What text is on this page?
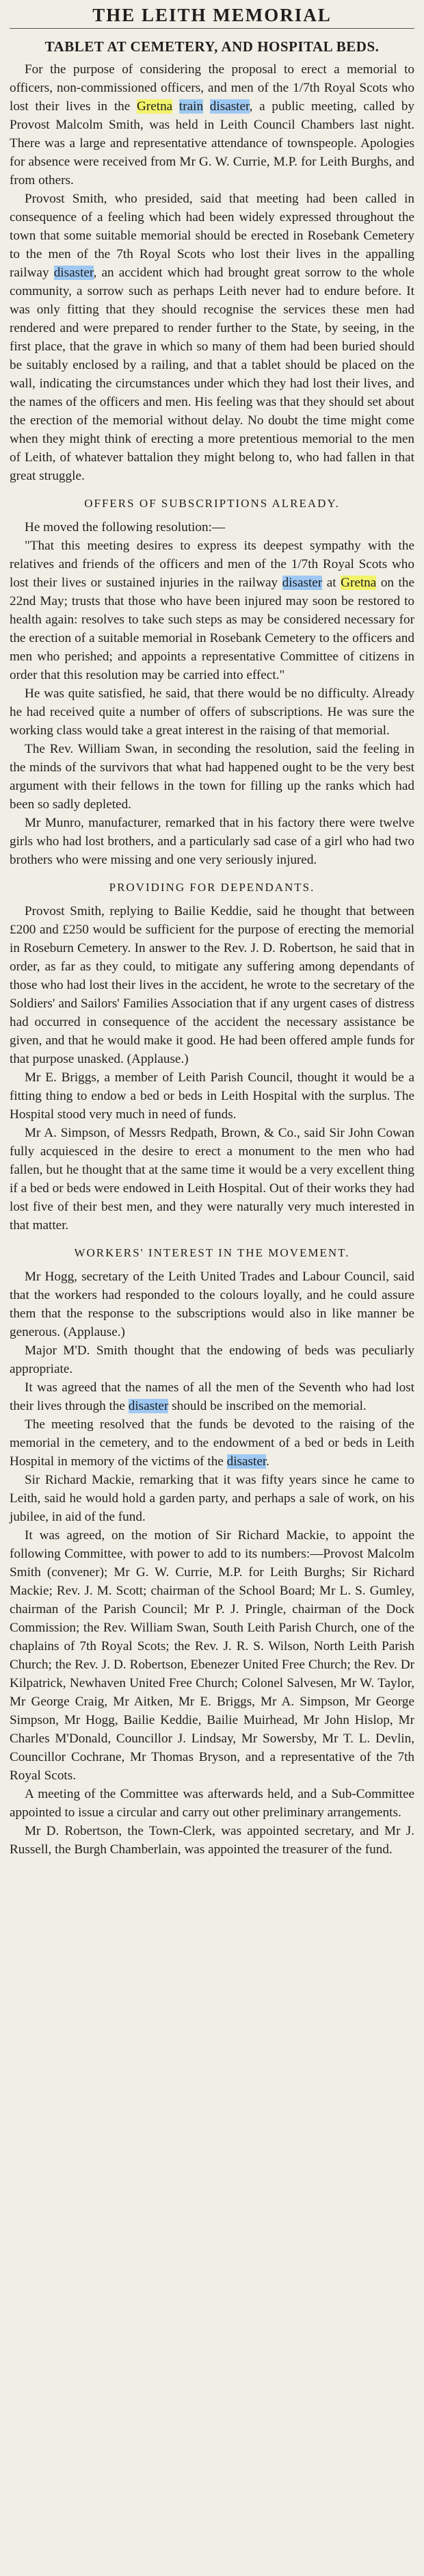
THE LEITH MEMORIAL
TABLET AT CEMETERY, AND HOSPITAL BEDS.

For the purpose of considering the proposal to erect a memorial to officers, non-commissioned officers, and men of the 1/7th Royal Scots who lost their lives in the Gretna train disaster, a public meeting, called by Provost Malcolm Smith, was held in Leith Council Chambers last night. There was a large and representative attendance of townspeople. Apologies for absence were received from Mr G. W. Currie, M.P. for Leith Burghs, and from others.

Provost Smith, who presided, said that meeting had been called in consequence of a feeling which had been widely expressed throughout the town that some suitable memorial should be erected in Rosebank Cemetery to the men of the 7th Royal Scots who lost their lives in the appalling railway disaster, an accident which had brought great sorrow to the whole community, a sorrow such as perhaps Leith never had to endure before. It was only fitting that they should recognise the services these men had rendered and were prepared to render further to the State, by seeing, in the first place, that the grave in which so many of them had been buried should be suitably enclosed by a railing, and that a tablet should be placed on the wall, indicating the circumstances under which they had lost their lives, and the names of the officers and men. His feeling was that they should set about the erection of the memorial without delay. No doubt the time might come when they might think of erecting a more pretentious memorial to the men of Leith, of whatever battalion they might belong to, who had fallen in that great struggle.

OFFERS OF SUBSCRIPTIONS ALREADY.

He moved the following resolution:—

"That this meeting desires to express its deepest sympathy with the relatives and friends of the officers and men of the 1/7th Royal Scots who lost their lives or sustained injuries in the railway disaster at Gretna on the 22nd May; trusts that those who have been injured may soon be restored to health again: resolves to take such steps as may be considered necessary for the erection of a suitable memorial in Rosebank Cemetery to the officers and men who perished; and appoints a representative Committee of citizens in order that this resolution may be carried into effect."

He was quite satisfied, he said, that there would be no difficulty. Already he had received quite a number of offers of subscriptions. He was sure the working class would take a great interest in the raising of that memorial.

The Rev. William Swan, in seconding the resolution, said the feeling in the minds of the survivors that what had happened ought to be the very best argument with their fellows in the town for filling up the ranks which had been so sadly depleted.

Mr Munro, manufacturer, remarked that in his factory there were twelve girls who had lost brothers, and a particularly sad case of a girl who had two brothers who were missing and one very seriously injured.

PROVIDING FOR DEPENDANTS.

Provost Smith, replying to Bailie Keddie, said he thought that between £200 and £250 would be sufficient for the purpose of erecting the memorial in Roseburn Cemetery. In answer to the Rev. J. D. Robertson, he said that in order, as far as they could, to mitigate any suffering among dependants of those who had lost their lives in the accident, he wrote to the secretary of the Soldiers' and Sailors' Families Association that if any urgent cases of distress had occurred in consequence of the accident the necessary assistance be given, and that he would make it good. He had been offered ample funds for that purpose unasked. (Applause.)

Mr E. Briggs, a member of Leith Parish Council, thought it would be a fitting thing to endow a bed or beds in Leith Hospital with the surplus. The Hospital stood very much in need of funds.

Mr A. Simpson, of Messrs Redpath, Brown, & Co., said Sir John Cowan fully acquiesced in the desire to erect a monument to the men who had fallen, but he thought that at the same time it would be a very excellent thing if a bed or beds were endowed in Leith Hospital. Out of their works they had lost five of their best men, and they were naturally very much interested in that matter.

WORKERS' INTEREST IN THE MOVEMENT.

Mr Hogg, secretary of the Leith United Trades and Labour Council, said that the workers had responded to the colours loyally, and he could assure them that the response to the subscriptions would also in like manner be generous. (Applause.)

Major M'D. Smith thought that the endowing of beds was peculiarly appropriate.

It was agreed that the names of all the men of the Seventh who had lost their lives through the disaster should be inscribed on the memorial.

The meeting resolved that the funds be devoted to the raising of the memorial in the cemetery, and to the endowment of a bed or beds in Leith Hospital in memory of the victims of the disaster.

Sir Richard Mackie, remarking that it was fifty years since he came to Leith, said he would hold a garden party, and perhaps a sale of work, on his jubilee, in aid of the fund.

It was agreed, on the motion of Sir Richard Mackie, to appoint the following Committee, with power to add to its numbers:—Provost Malcolm Smith (convener); Mr G. W. Currie, M.P. for Leith Burghs; Sir Richard Mackie; Rev. J. M. Scott; chairman of the School Board; Mr L. S. Gumley, chairman of the Parish Council; Mr P. J. Pringle, chairman of the Dock Commission; the Rev. William Swan, South Leith Parish Church, one of the chaplains of 7th Royal Scots; the Rev. J. R. S. Wilson, North Leith Parish Church; the Rev. J. D. Robertson, Ebenezer United Free Church; the Rev. Dr Kilpatrick, Newhaven United Free Church; Colonel Salvesen, Mr W. Taylor, Mr George Craig, Mr Aitken, Mr E. Briggs, Mr A. Simpson, Mr George Simpson, Mr Hogg, Bailie Keddie, Bailie Muirhead, Mr John Hislop, Mr Charles M'Donald, Councillor J. Lindsay, Mr Sowersby, Mr T. L. Devlin, Councillor Cochrane, Mr Thomas Bryson, and a representative of the 7th Royal Scots.

A meeting of the Committee was afterwards held, and a Sub-Committee appointed to issue a circular and carry out other preliminary arrangements.

Mr D. Robertson, the Town-Clerk, was appointed secretary, and Mr J. Russell, the Burgh Chamberlain, was appointed the treasurer of the fund.
